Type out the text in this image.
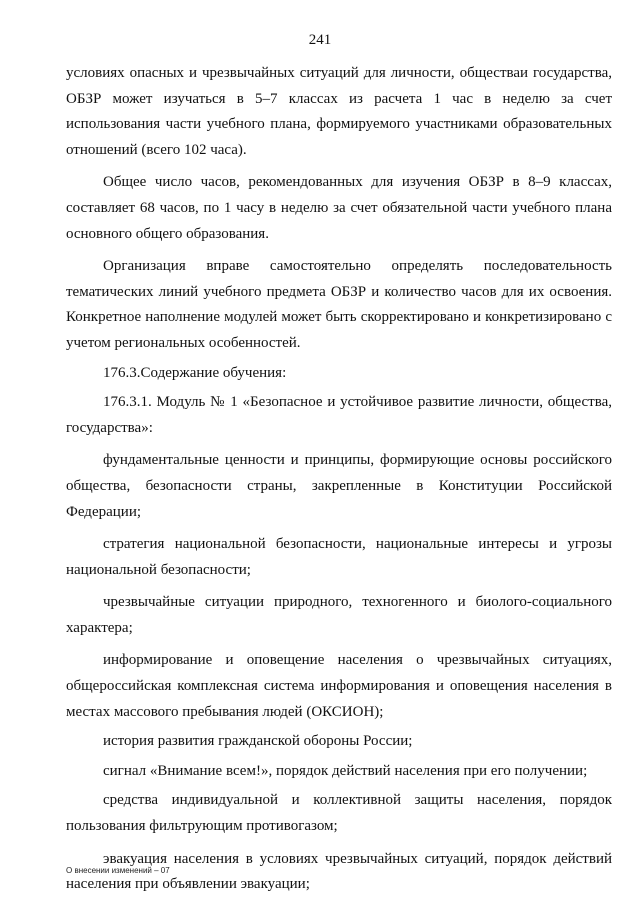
241

условиях опасных и чрезвычайных ситуаций для личности, обществаи государства, ОБЗР может изучаться в 5–7 классах из расчета 1 час в неделю за счет использования части учебного плана, формируемого участниками образовательных отношений (всего 102 часа).

Общее число часов, рекомендованных для изучения ОБЗР в 8–9 классах, составляет 68 часов, по 1 часу в неделю за счет обязательной части учебного плана основного общего образования.

Организация вправе самостоятельно определять последовательность тематических линий учебного предмета ОБЗР и количество часов для их освоения. Конкретное наполнение модулей может быть скорректировано и конкретизировано с учетом региональных особенностей.

176.3.Содержание обучения:

176.3.1. Модуль № 1 «Безопасное и устойчивое развитие личности, общества, государства»:

фундаментальные ценности и принципы, формирующие основы российского общества, безопасности страны, закрепленные в Конституции Российской Федерации;

стратегия национальной безопасности, национальные интересы и угрозы национальной безопасности;

чрезвычайные ситуации природного, техногенного и биолого-социального характера;

информирование и оповещение населения о чрезвычайных ситуациях, общероссийская комплексная система информирования и оповещения населения в местах массового пребывания людей (ОКСИОН);

история развития гражданской обороны России;

сигнал «Внимание всем!», порядок действий населения при его получении;

средства индивидуальной и коллективной защиты населения, порядок пользования фильтрующим противогазом;

эвакуация населения в условиях чрезвычайных ситуаций, порядок действий населения при объявлении эвакуации;

О внесении изменений – 07
